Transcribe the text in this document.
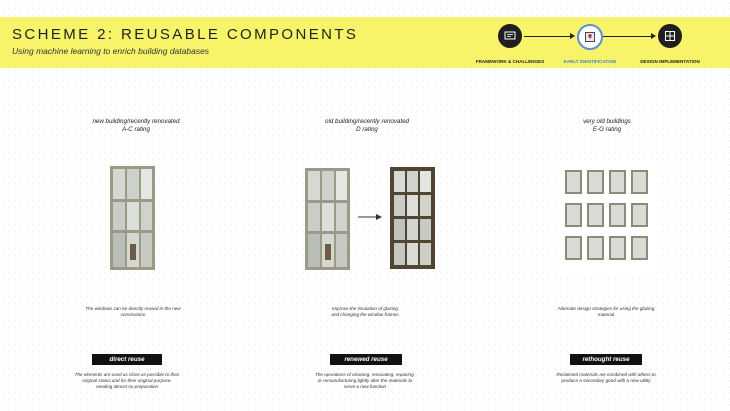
SCHEME 2: REUSABLE COMPONENTS
Using machine learning to enrich building databases
FRAMEWORK & CHALLENGES	EARLY IDENTIFICATION	DESIGN IMPLEMENTATION
new building/recently renovated
A-C rating
The windows can be directly reused in the new
construction
direct reuse
The elements are used as close as possible to their
original status and for their original purpose,
needing almost no preparation
old building/recently renovated
D rating
Improve the insulation of glazing
and changing the window frames
renewed reuse
The operations of cleaning, renovating, repairing,
or remanufacturing lightly alter the materials to
serve a new function
very old buildings
E-G rating
Alternate design strategies for using the glazing
material
rethought reuse
Reclaimed materials are combined with others to
produce a secondary good with a new utility
